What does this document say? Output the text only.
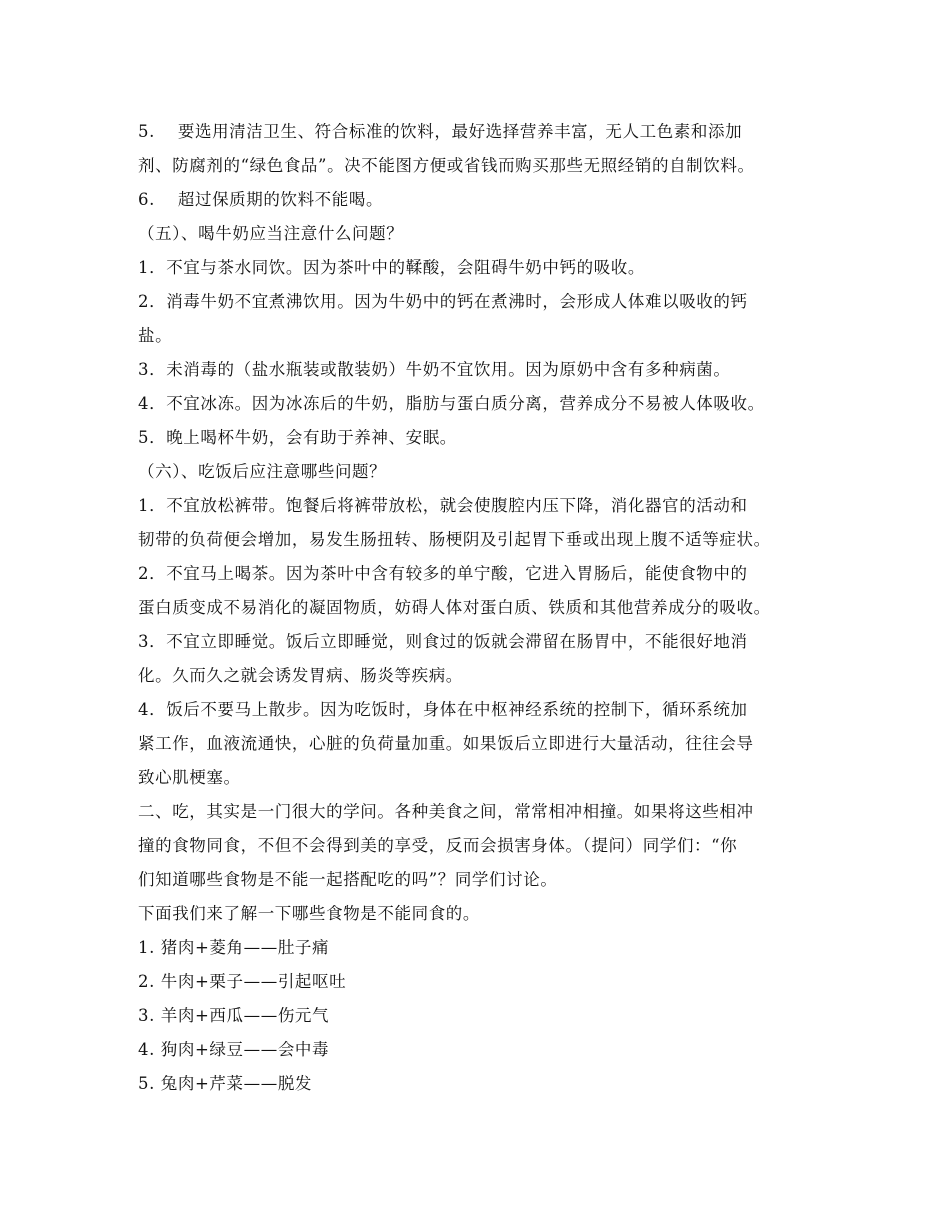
5.　 要选用清洁卫生、符合标准的饮料，最好选择营养丰富，无人工色素和添加
剂、防腐剂的“绿色食品”。决不能图方便或省钱而购买那些无照经销的自制饮料。
6.　 超过保质期的饮料不能喝。
（五）、喝牛奶应当注意什么问题？
1．不宜与茶水同饮。因为茶叶中的鞣酸，会阻碍牛奶中钙的吸收。
2．消毒牛奶不宜煮沸饮用。因为牛奶中的钙在煮沸时，会形成人体难以吸收的钙
盐。
3．未消毒的（盐水瓶装或散装奶）牛奶不宜饮用。因为原奶中含有多种病菌。
4．不宜冰冻。因为冰冻后的牛奶，脂肪与蛋白质分离，营养成分不易被人体吸收。
5．晚上喝杯牛奶，会有助于养神、安眠。
（六）、吃饭后应注意哪些问题？
1．不宜放松裤带。饱餐后将裤带放松，就会使腹腔内压下降，消化器官的活动和
韧带的负荷便会增加，易发生肠扭转、肠梗阴及引起胃下垂或出现上腹不适等症状。
2．不宜马上喝茶。因为茶叶中含有较多的单宁酸，它进入胃肠后，能使食物中的
蛋白质变成不易消化的凝固物质，妨碍人体对蛋白质、铁质和其他营养成分的吸收。
3．不宜立即睡觉。饭后立即睡觉，则食过的饭就会滞留在肠胃中，不能很好地消
化。久而久之就会诱发胃病、肠炎等疾病。
4．饭后不要马上散步。因为吃饭时，身体在中枢神经系统的控制下，循环系统加
紧工作，血液流通快，心脏的负荷量加重。如果饭后立即进行大量活动，往往会导
致心肌梗塞。
二、吃，其实是一门很大的学问。各种美食之间，常常相冲相撞。如果将这些相冲
撞的食物同食，不但不会得到美的享受，反而会损害身体。（提问）同学们：“你
们知道哪些食物是不能一起搭配吃的吗”？同学们讨论。
下面我们来了解一下哪些食物是不能同食的。
1. 猪肉+菱角——肚子痛
2. 牛肉+栗子——引起呕吐
3. 羊肉+西瓜——伤元气
4. 狗肉+绿豆——会中毒
5. 兔肉+芹菜——脱发
